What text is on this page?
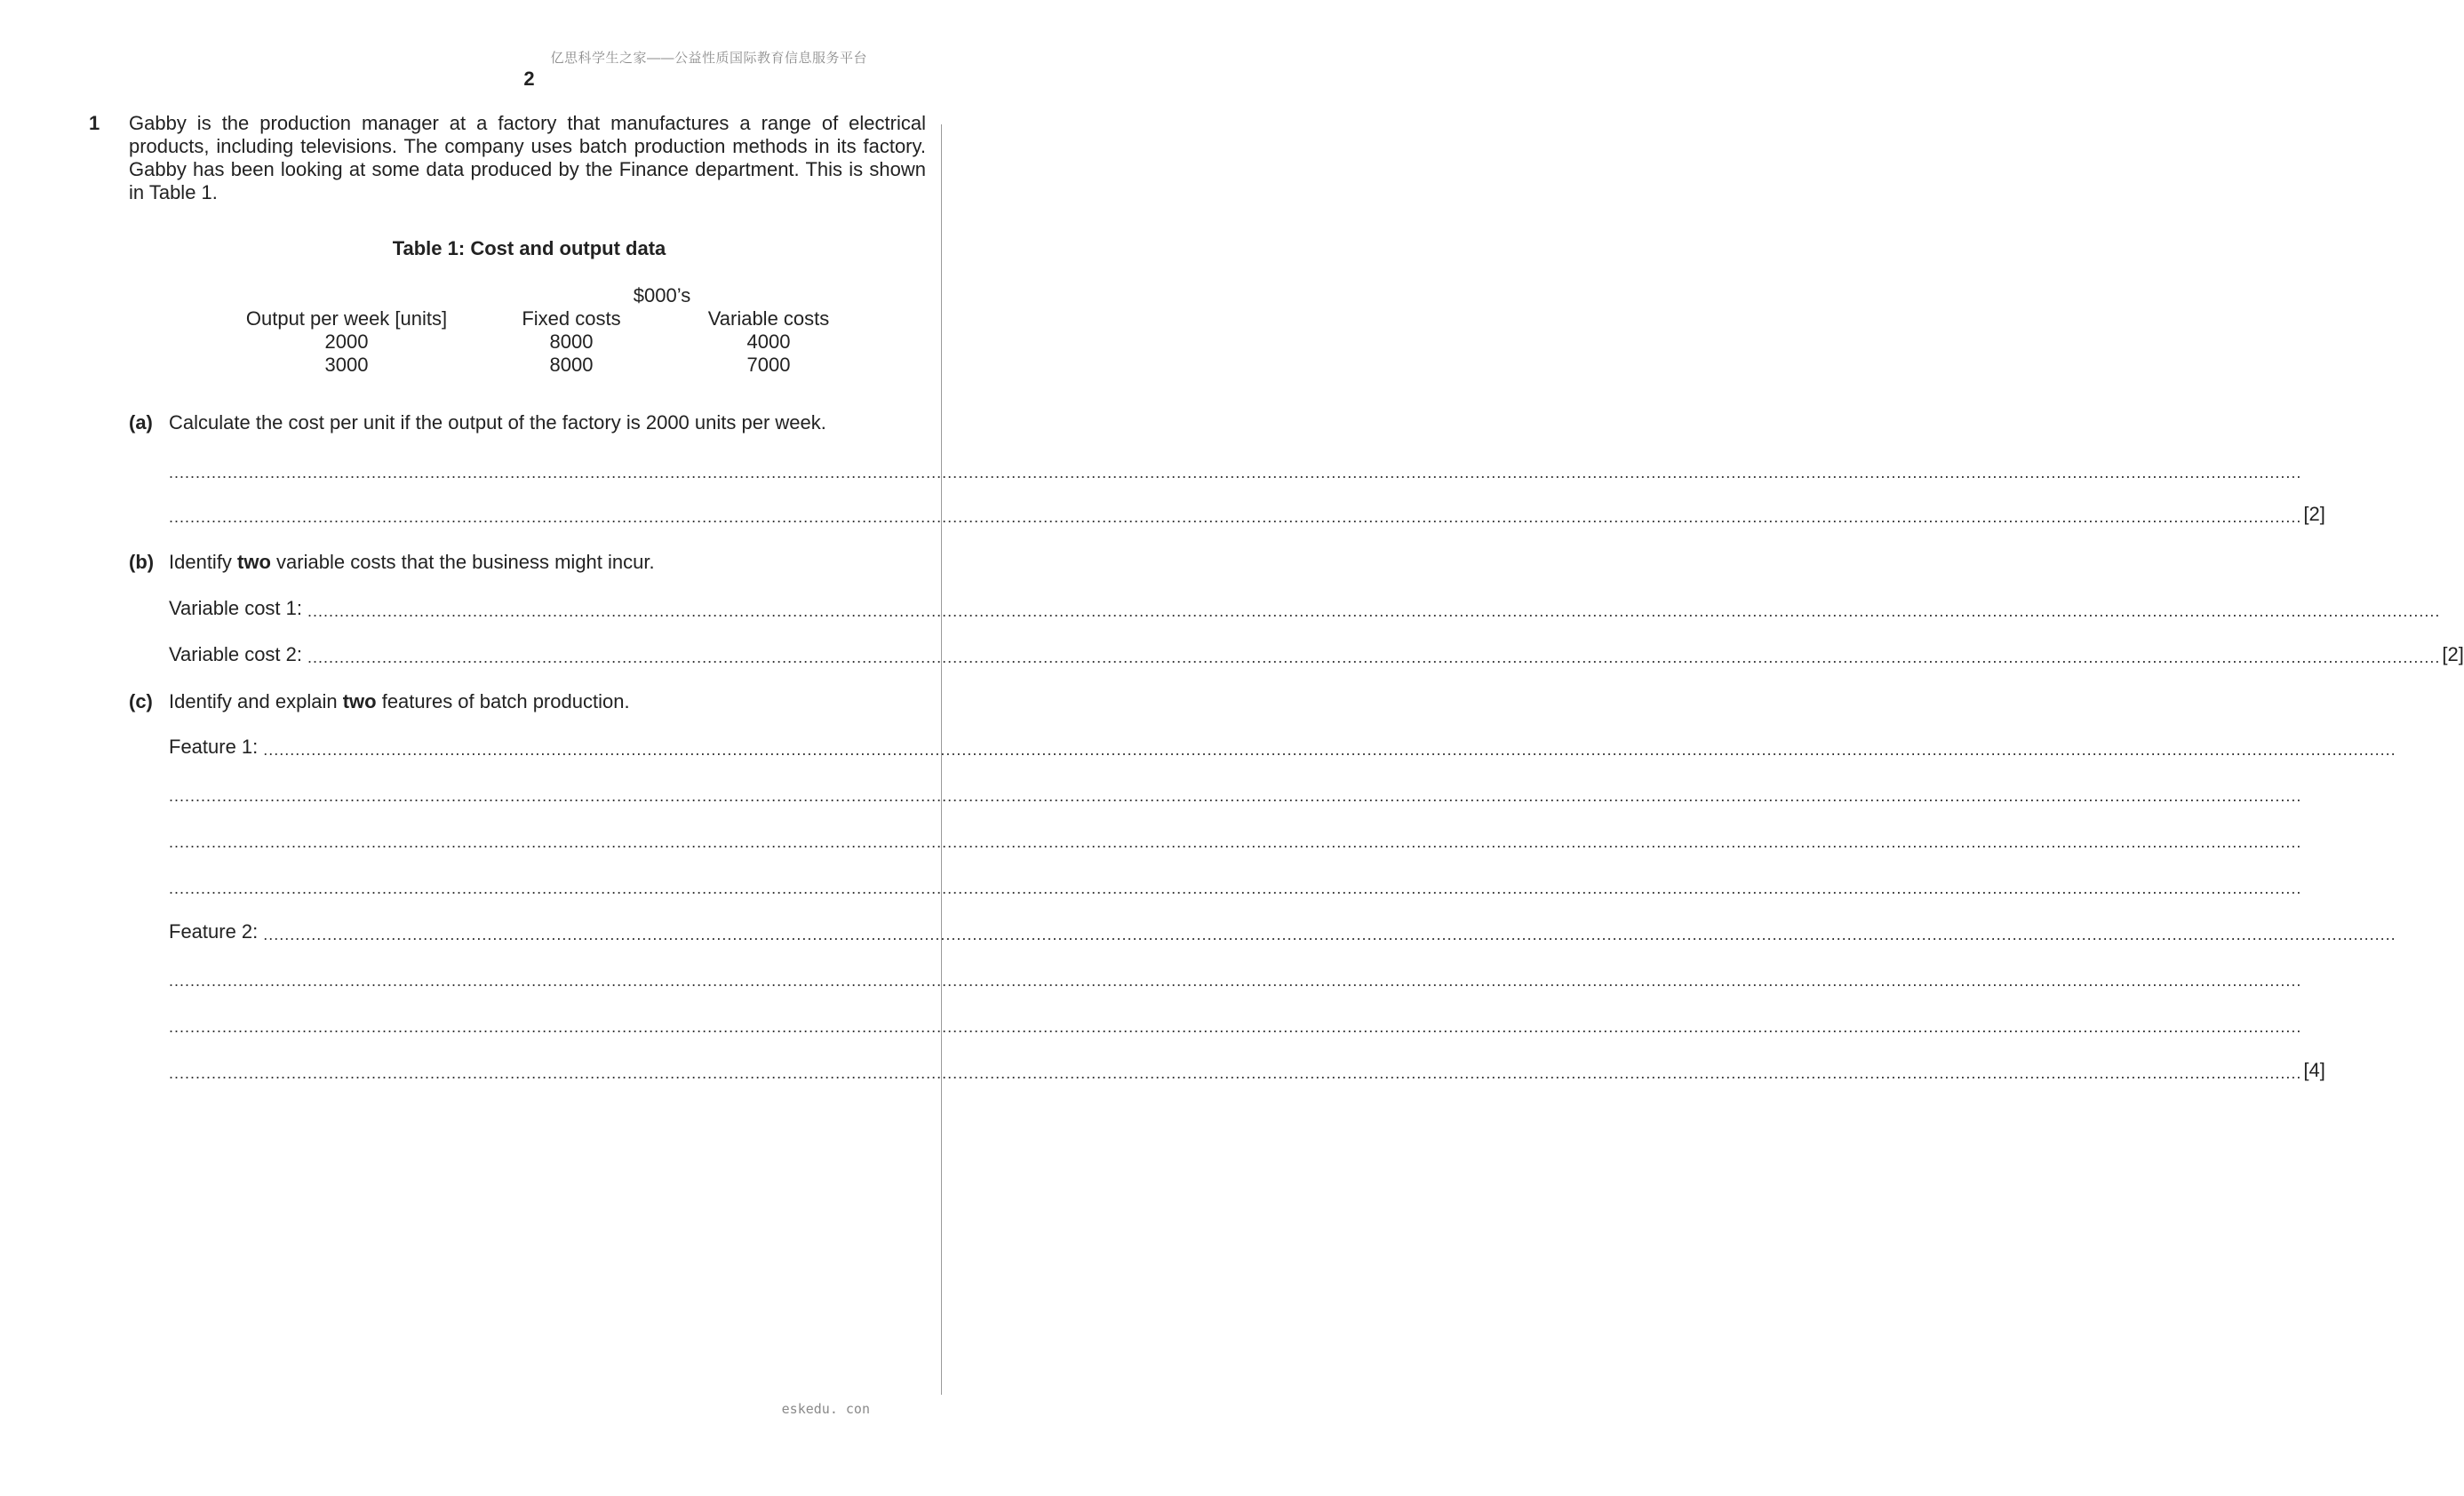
亿思科学生之家——公益性质国际教育信息服务平台
2
1 Gabby is the production manager at a factory that manufactures a range of electrical products, including televisions. The company uses batch production methods in its factory. Gabby has been looking at some data produced by the Finance department. This is shown in Table 1.
Table 1: Cost and output data
$000’s
Output per week [units]	Fixed costs	Variable costs
2000	8000	4000
3000	8000	7000
(a) Calculate the cost per unit if the output of the factory is 2000 units per week.
................................................................................................................................................................................................................................................................................................................................................................................................................
................................................................................................................................................................................................................................................................................................................................................................................................................ [2]
(b) Identify two variable costs that the business might incur.
Variable cost 1: ................................................................................................................................................................................................................................................................................................................................................................................................................
Variable cost 2: ................................................................................................................................................................................................................................................................................................................................................................................................................ [2]
(c) Identify and explain two features of batch production.
Feature 1: ................................................................................................................................................................................................................................................................................................................................................................................................................
................................................................................................................................................................................................................................................................................................................................................................................................................
................................................................................................................................................................................................................................................................................................................................................................................................................
................................................................................................................................................................................................................................................................................................................................................................................................................
Feature 2: ................................................................................................................................................................................................................................................................................................................................................................................................................
................................................................................................................................................................................................................................................................................................................................................................................................................
................................................................................................................................................................................................................................................................................................................................................................................................................
................................................................................................................................................................................................................................................................................................................................................................................................................ [4]
eskedu. con
